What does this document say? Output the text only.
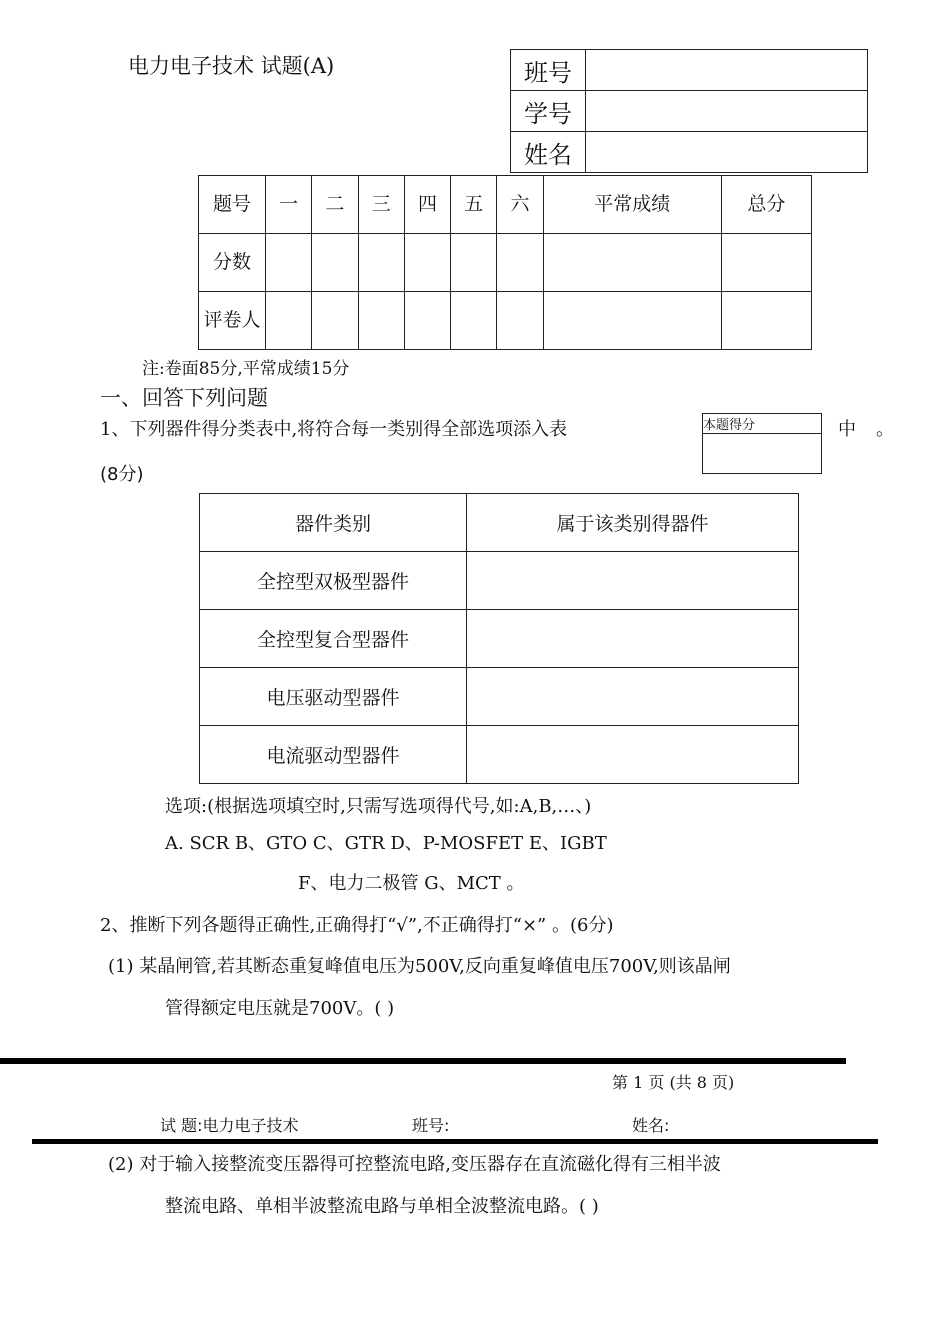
电力电子技术 试题(A)	班号	
学号	
姓名	
题号	一	二	三	四	五	六	平常成绩	总分
分数								
评卷人								
注:卷面85分,平常成绩15分
一、回答下列问题
1、下列器件得分类表中,将符合每一类别得全部选项添入表	本题得分	中 。
(8分)
器件类别	属于该类别得器件
全控型双极型器件	
全控型复合型器件	
电压驱动型器件	
电流驱动型器件	
选项:(根据选项填空时,只需写选项得代号,如:A,B,…、)
A. SCR B、GTO C、GTR D、P-MOSFET E、IGBT
F、电力二极管 G、MCT 。
2、推断下列各题得正确性,正确得打“√”,不正确得打“×” 。(6分)
(1) 某晶闸管,若其断态重复峰值电压为500V,反向重复峰值电压700V,则该晶闸
管得额定电压就是700V。( )
第 1 页 (共 8 页)
试 题:电力电子技术	班号:	姓名:
(2) 对于输入接整流变压器得可控整流电路,变压器存在直流磁化得有三相半波
整流电路、单相半波整流电路与单相全波整流电路。( )
